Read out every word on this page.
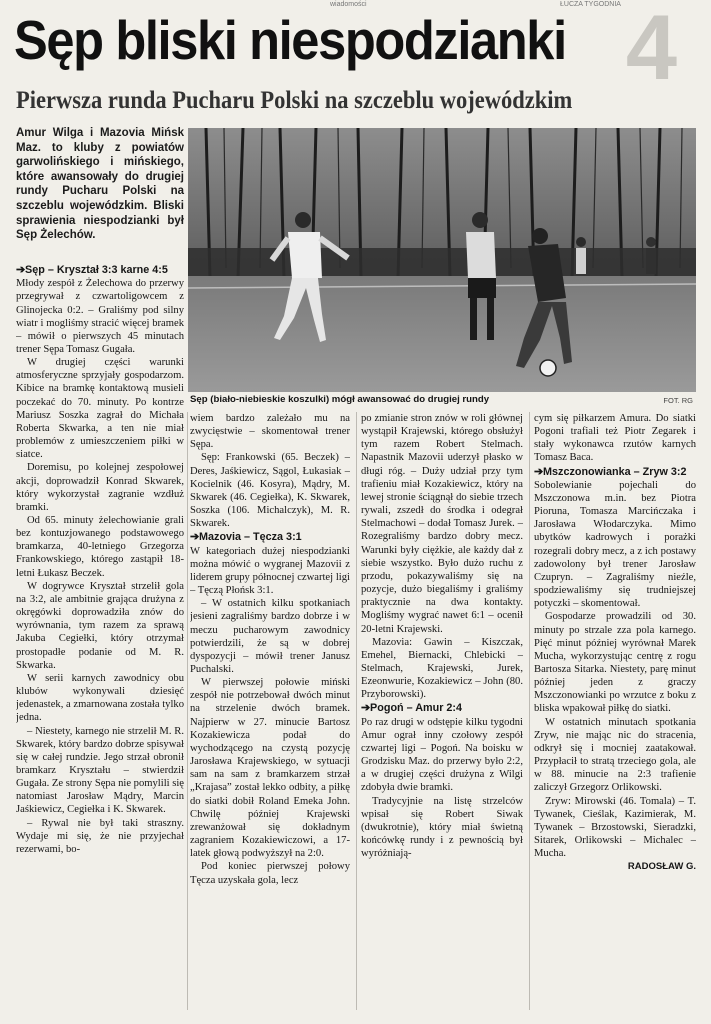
wiadomości	ŁUCZA TYGODNIA 4
Sęp bliski niespodzianki
Pierwsza runda Pucharu Polski na szczeblu wojewódzkim

Amur Wilga i Mazovia Mińsk Maz. to kluby z powiatów garwolińskiego i mińskiego, które awansowały do drugiej rundy Pucharu Polski na szczeblu wojewódzkim. Bliski sprawienia niespodzianki był Sęp Żelechów.

Sęp (biało-niebieskie koszulki) mógł awansować do drugiej rundy	FOT. RG
➔Sęp – Kryształ 3:3 karne 4:5

Młody zespół z Żelechowa do przerwy przegrywał z czwartoligowcem z Glinojecka 0:2. – Graliśmy pod silny wiatr i mogliśmy stracić więcej bramek – mówił o pierwszych 45 minutach trener Sępa Tomasz Gugała.

W drugiej części warunki atmosferyczne sprzyjały gospodarzom. Kibice na bramkę kontaktową musieli poczekać do 70. minuty. Po kontrze Mariusz Soszka zagrał do Michała Roberta Skwarka, a ten nie miał problemów z umieszczeniem piłki w siatce.

Doremisu, po kolejnej zespołowej akcji, doprowadził Konrad Skwarek, który wykorzystał zagranie wzdłuż bramki.

Od 65. minuty żelechowianie grali bez kontuzjowanego podstawowego bramkarza, 40-letniego Grzegorza Frankowskiego, którego zastąpił 18-letni Łukasz Beczek.

W dogrywce Kryształ strzelił gola na 3:2, ale ambitnie grająca drużyna z okręgówki doprowadziła znów do wyrównania, tym razem za sprawą Jakuba Cegiełki, który otrzymał prostopadłe podanie od M. R. Skwarka.

W serii karnych zawodnicy obu klubów wykonywali dziesięć jedenastek, a zmarnowana została tylko jedna.

– Niestety, karnego nie strzelił M. R. Skwarek, który bardzo dobrze spisywał się w całej rundzie. Jego strzał obronił bramkarz Kryształu – stwierdził Gugała. Ze strony Sępa nie pomylili się natomiast Jarosław Mądry, Marcin Jaśkiewicz, Cegiełka i K. Skwarek.

– Rywal nie był taki straszny. Wydaje mi się, że nie przyjechał rezerwami, bo-

wiem bardzo zależało mu na zwycięstwie – skomentował trener Sępa.

Sęp: Frankowski (65. Beczek) – Deres, Jaśkiewicz, Sągol, Łukasiak – Kocielnik (46. Kosyra), Mądry, M. Skwarek (46. Cegiełka), K. Skwarek, Soszka (106. Michalczyk), M. R. Skwarek.

➔Mazovia – Tęcza 3:1

W kategoriach dużej niespodzianki można mówić o wygranej Mazovii z liderem grupy północnej czwartej ligi – Tęczą Płońsk 3:1.

– W ostatnich kilku spotkaniach jesieni zagraliśmy bardzo dobrze i w meczu pucharowym zawodnicy potwierdzili, że są w dobrej dyspozycji – mówił trener Janusz Puchalski.

W pierwszej połowie miński zespół nie potrzebował dwóch minut na strzelenie dwóch bramek. Najpierw w 27. minucie Bartosz Kozakiewicza podał do wychodzącego na czystą pozycję Jarosława Krajewskiego, w sytuacji sam na sam z bramkarzem strzał „Krajasa” został lekko odbity, a piłkę do siatki dobił Roland Emeka John. Chwilę później Krajewski zrewanżował się dokładnym zagraniem Kozakiewiczowi, a 17-latek głową podwyższył na 2:0.

Pod koniec pierwszej połowy Tęcza uzyskała gola, lecz

po zmianie stron znów w roli głównej wystąpił Krajewski, którego obsłużył tym razem Robert Stelmach. Napastnik Mazovii uderzył płasko w długi róg. – Duży udział przy tym trafieniu miał Kozakiewicz, który na lewej stronie ściągnął do siebie trzech rywali, zszedł do środka i odegrał Stelmachowi – dodał Tomasz Jurek. – Rozegraliśmy bardzo dobry mecz. Warunki były ciężkie, ale każdy dał z siebie wszystko. Było dużo ruchu z przodu, pokazywaliśmy się na pozycje, dużo biegaliśmy i graliśmy praktycznie na dwa kontakty. Mogliśmy wygrać nawet 6:1 – ocenił 20-letni Krajewski.

Mazovia: Gawin – Kiszczak, Emehel, Biernacki, Chlebicki – Stelmach, Krajewski, Jurek, Ezeonwurie, Kozakiewicz – John (80. Przyborowski).

➔Pogoń – Amur 2:4

Po raz drugi w odstępie kilku tygodni Amur ograł inny czołowy zespół czwartej ligi – Pogoń. Na boisku w Grodzisku Maz. do przerwy było 2:2, a w drugiej części drużyna z Wilgi zdobyła dwie bramki.

Tradycyjnie na listę strzelców wpisał się Robert Siwak (dwukrotnie), który miał świetną końcówkę rundy i z pewnością był wyróżniają-

cym się piłkarzem Amura. Do siatki Pogoni trafiali też Piotr Zegarek i stały wykonawca rzutów karnych Tomasz Baca.

➔Mszczonowianka – Zryw 3:2

Sobolewianie pojechali do Mszczonowa m.in. bez Piotra Pioruna, Tomasza Marcińczaka i Jarosława Włodarczyka. Mimo ubytków kadrowych i porażki rozegrali dobry mecz, a z ich postawy zadowolony był trener Jarosław Czupryn. – Zagraliśmy nieźle, spodziewaliśmy się trudniejszej potyczki – skomentował.

Gospodarze prowadzili od 30. minuty po strzale zza pola karnego. Pięć minut później wyrównał Marek Mucha, wykorzystując centrę z rogu Bartosza Sitarka. Niestety, parę minut później jeden z graczy Mszczonowianki po wrzutce z boku z bliska wpakował piłkę do siatki.

W ostatnich minutach spotkania Zryw, nie mając nic do stracenia, odkrył się i mocniej zaatakował. Przypłacił to stratą trzeciego gola, ale w 88. minucie na 2:3 trafienie zaliczył Grzegorz Orlikowski.

Zryw: Mirowski (46. Tomala) – T. Tywanek, Cieślak, Kazimierak, M. Tywanek – Brzostowski, Sieradzki, Sitarek, Orlikowski – Michalec – Mucha.

RADOSŁAW G.
